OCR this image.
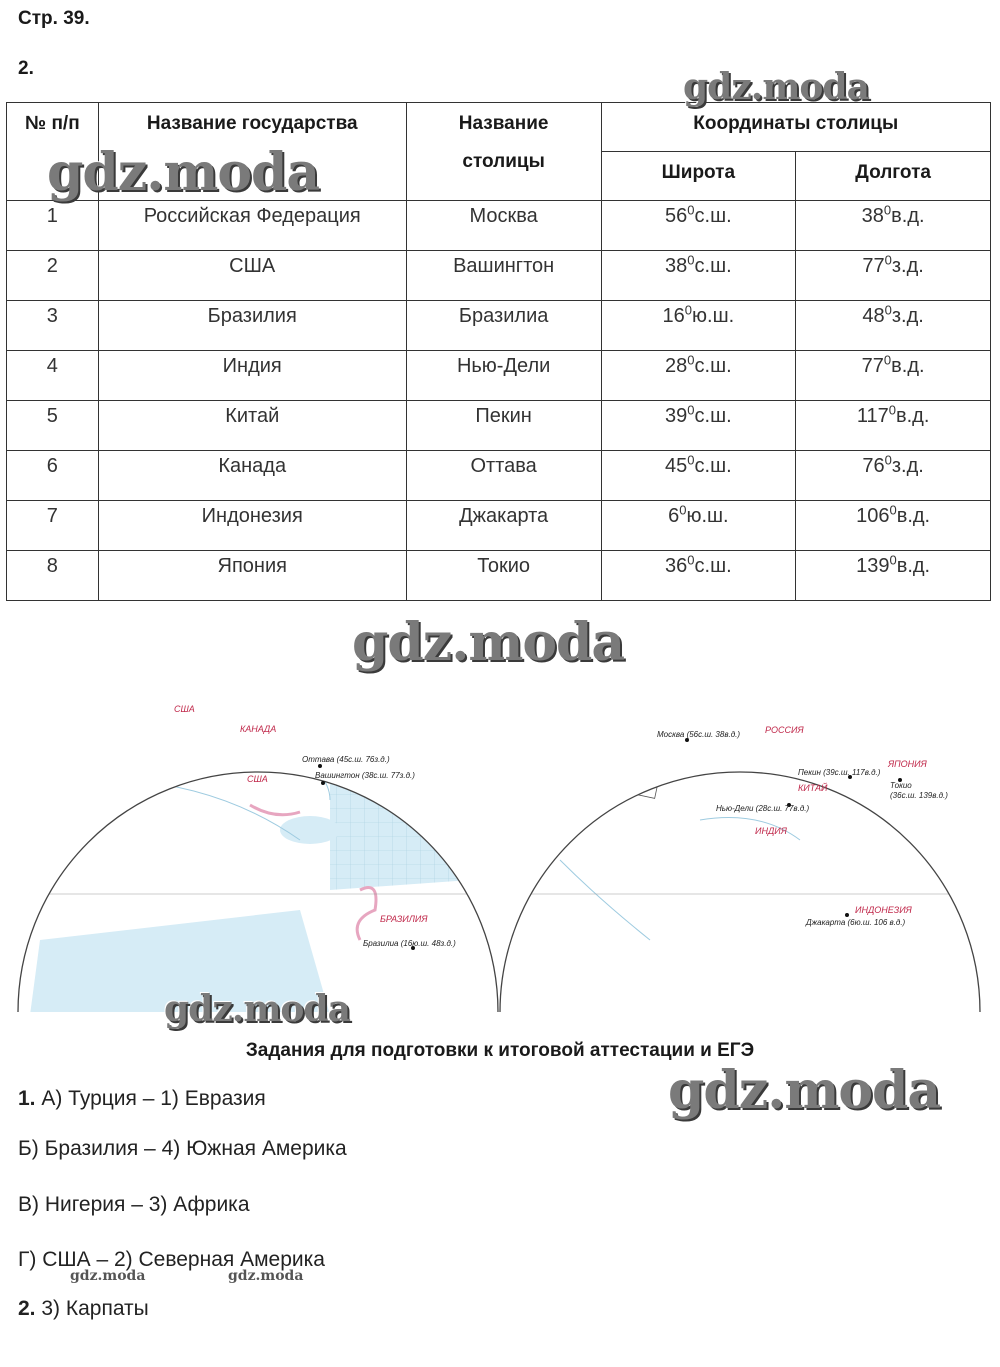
Стр. 39.
2.
№ п/п	Название государства	Название
столицы	Координаты столицы	
			Широта	Долгота
1	Российская Федерация	Москва	$56^0с.ш$.	$38^0в.д$.
2	США	Вашингтон	$38^0с.ш$.	$77^0з.д$.
3	Бразилия	Бразилиа	$16^0ю.ш$.	$48^0з.д$.
4	Индия	Нью-Дели	$28^0с.ш$.	$77^0в.д$.
5	Китай	Пекин	$39^0с.ш$.	$117^0в.д$.
6	Канада	Оттава	$45^0с.ш$.	$76^0з.д$.
7	Индонезия	Джакарта	$6^0ю.ш$.	$106^0в.д$.
8	Япония	Токио	$36^0с.ш$.	$139^0в.д$.
gdz.moda
gdz.moda
США
КАНАДА
Оттава (45с.ш. 76з.д.)
США	Вашингтон (38с.ш. 77з.д.)
БРАЗИЛИЯ
Бразилиа (16ю.ш. 48з.д.)
Москва (56с.ш. 38в.д.)	РОССИЯ
Пекин (39с.ш. 117в.д.)
КИТАЙ
Нью-Дели (28с.ш. 77в.д.)
ИНДИЯ
ЯПОНИЯ
Токио
(36с.ш. 139в.д.)
ИНДОНЕЗИЯ
Джакарта (6ю.ш. 106 в.д.)
gdz.moda
gdz.moda
Задания для подготовки к итоговой аттестации и ЕГЭ
gdz.moda
1. А) Турция – 1) Евразия
Б) Бразилия – 4) Южная Америка
В) Нигерия – 3) Африка
Г) США – 2) Северная Америка
gdz.moda	gdz.moda
2. 3) Карпаты
